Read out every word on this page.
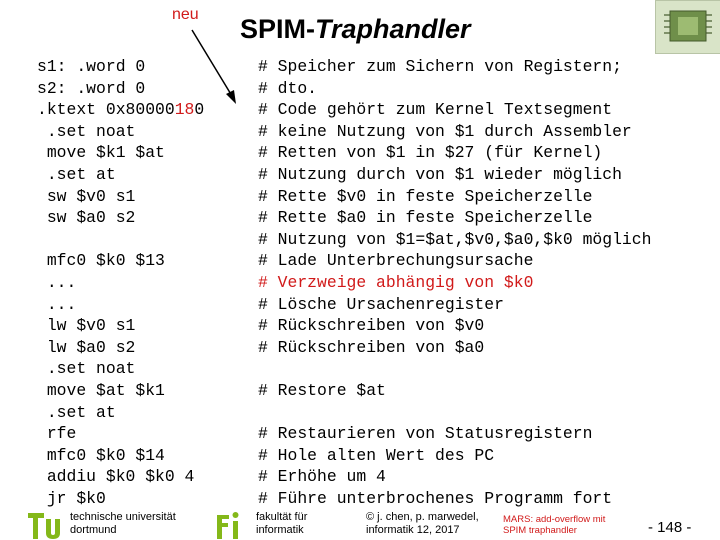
neu SPIM-Traphandler
s1: .word 0
s2: .word 0
.ktext 0x80000180
.set noat
move $k1 $at
.set at
sw $v0 s1
sw $a0 s2
mfc0 $k0 $13
...
...
lw $v0 s1
lw $a0 s2
.set noat
move $at $k1
.set at
rfe
mfc0 $k0 $14
addiu $k0 $k0 4
jr $k0
# Speicher zum Sichern von Registern;
# dto.
# Code gehört zum Kernel Textsegment
# keine Nutzung von $1 durch Assembler
# Retten von $1 in $27 (für Kernel)
# Nutzung durch von $1 wieder möglich
# Rette $v0 in feste Speicherzelle
# Rette $a0 in feste Speicherzelle
# Nutzung von $1=$at,$v0,$a0,$k0 möglich
# Lade Unterbrechungsursache
# Verzweige abhängig von $k0
# Lösche Ursachenregister
# Rückschreiben von $v0
# Rückschreiben von $a0
# Restore $at
# Restaurieren von Statusregistern
# Hole alten Wert des PC
# Erhöhe um 4
# Führe unterbrochenes Programm fort
technische universität
dortmund
fakultät für
informatik
© j. chen, p. marwedel,
informatik 12, 2017
MARS: add-overflow mit
SPIM traphandler	- 148 -
